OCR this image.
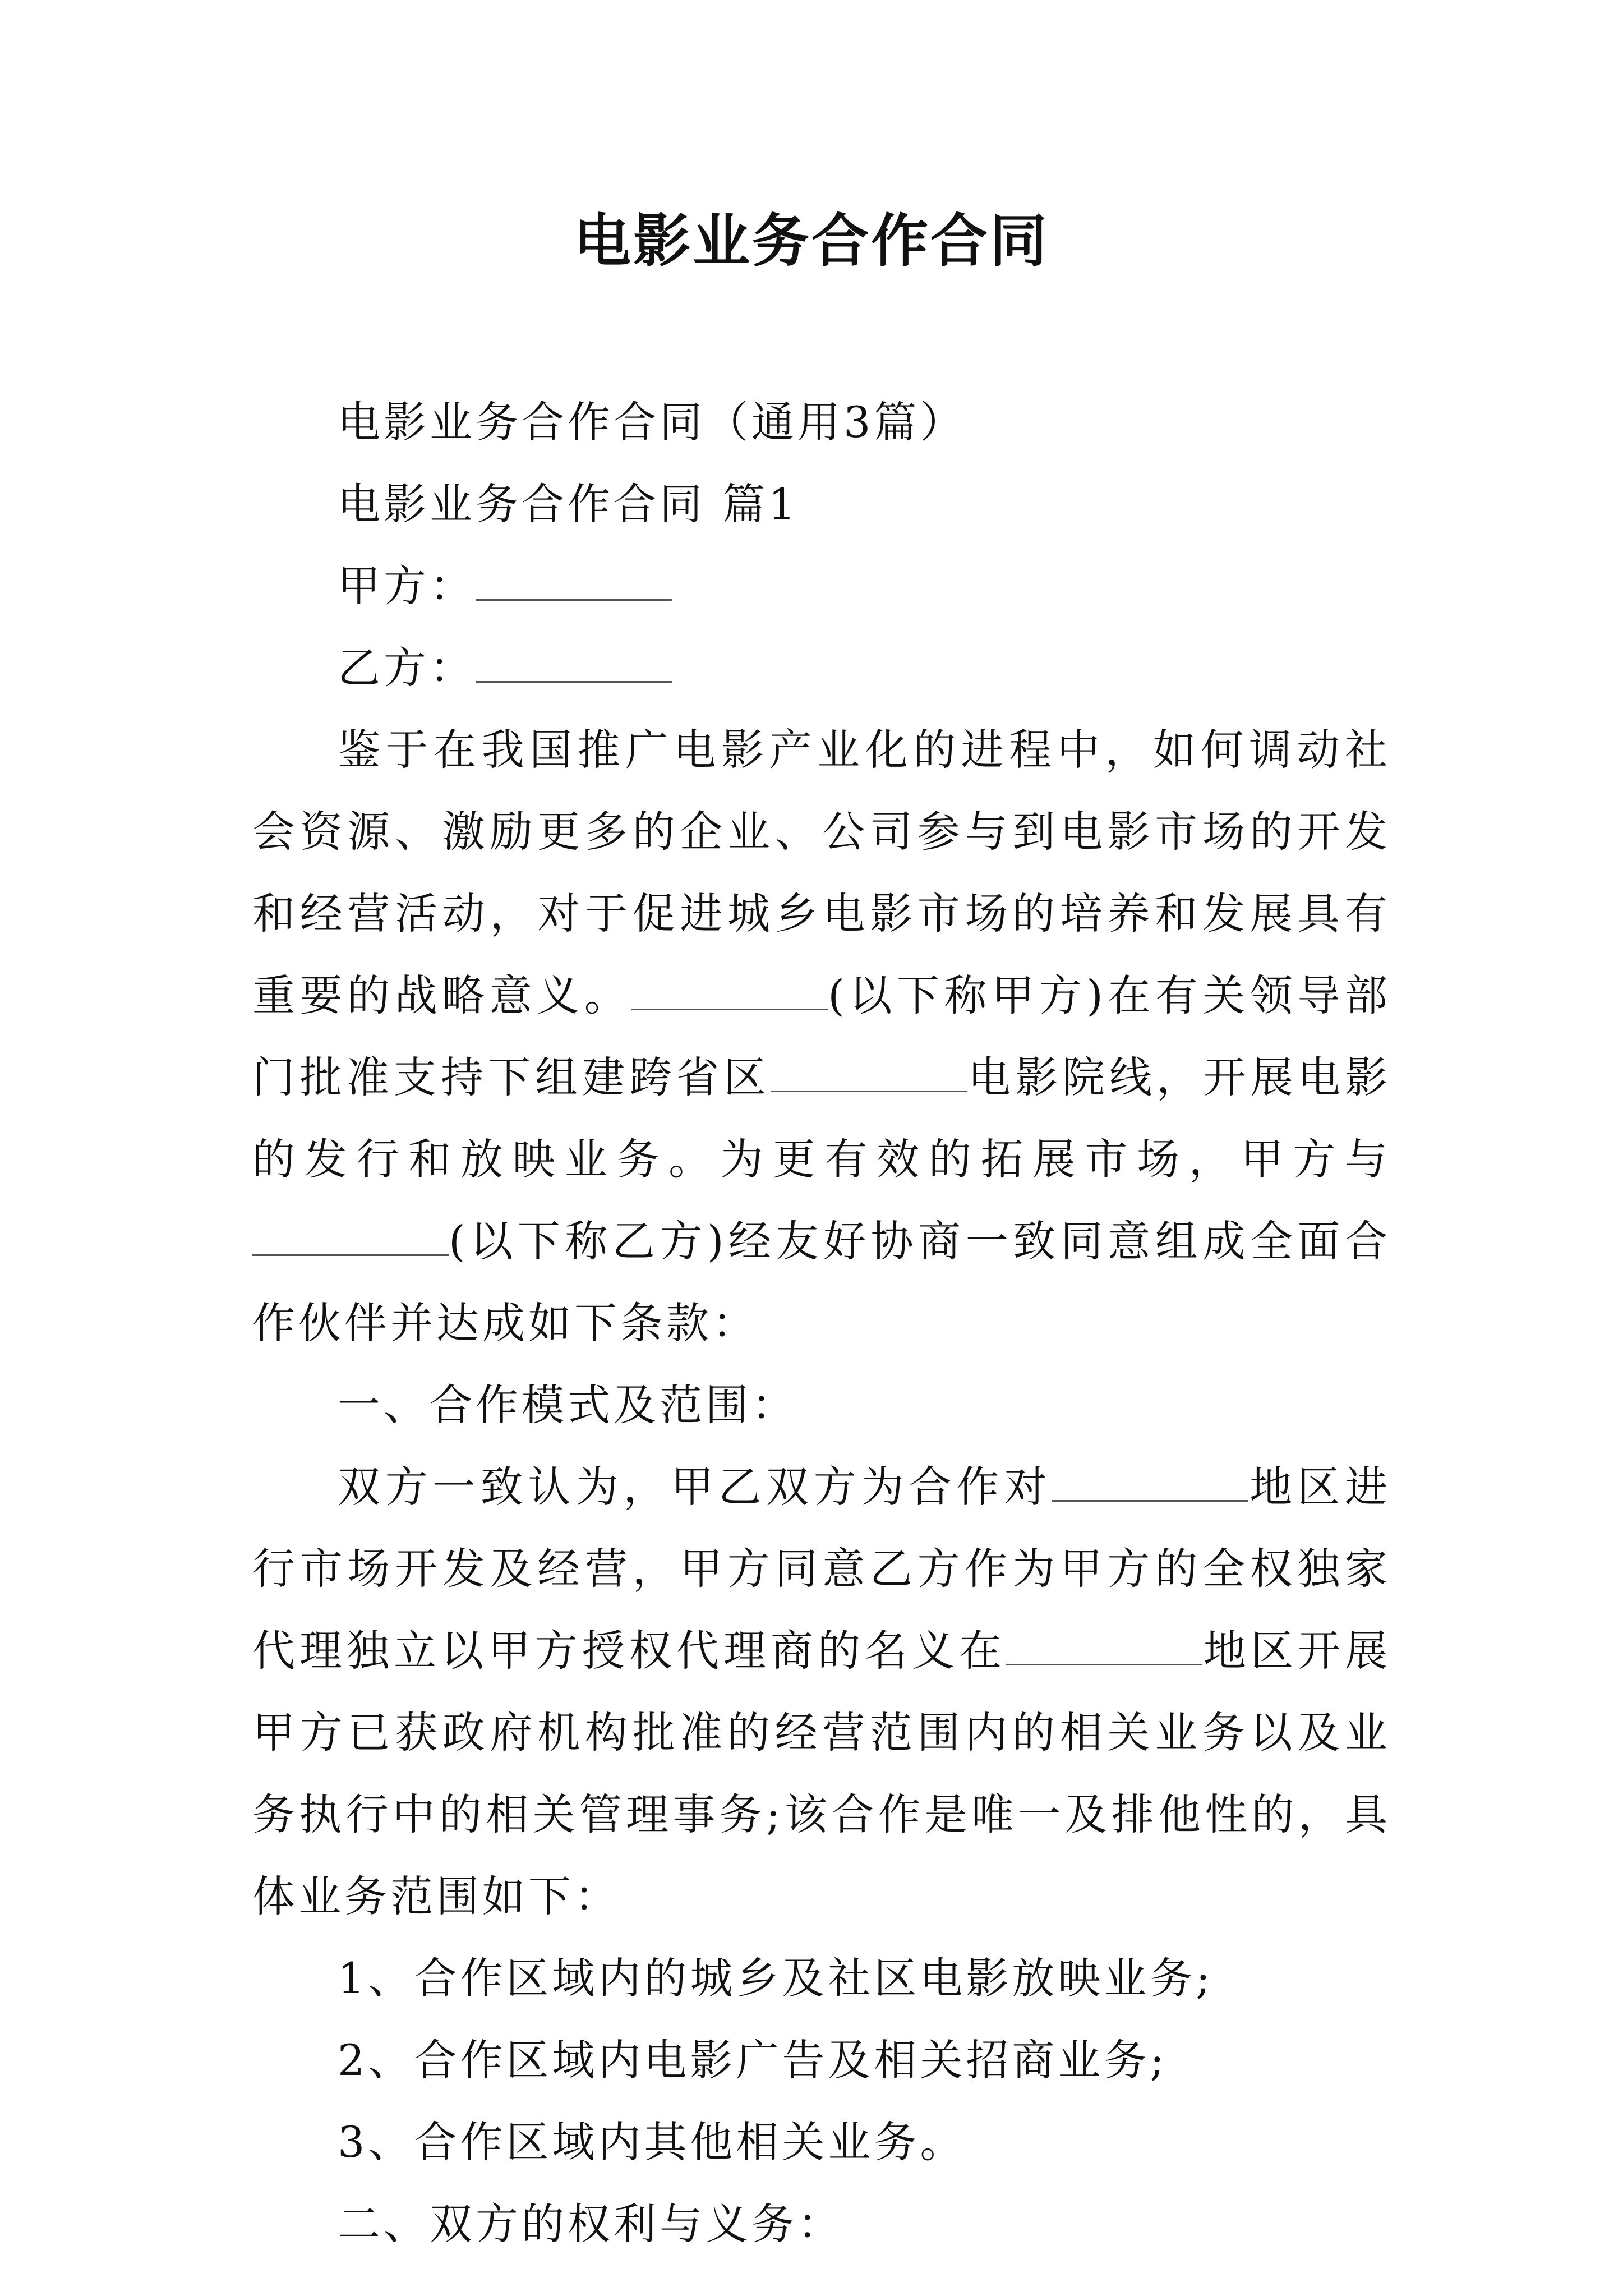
电影业务合作合同

电影业务合作合同（通用3篇）

电影业务合作合同 篇1

甲方：

乙方：

鉴于在我国推广电影产业化的进程中，如何调动社会资源、激励更多的企业、公司参与到电影市场的开发和经营活动，对于促进城乡电影市场的培养和发展具有重要的战略意义。	(以下称甲方)在有关领导部门批准支持下组建跨省区	电影院线，开展电影的发行和放映业务。为更有效的拓展市场，甲方与(以下称乙方)经友好协商一致同意组成全面合作伙伴并达成如下条款：

一、合作模式及范围：

双方一致认为，甲乙双方为合作对	地区进行市场开发及经营，甲方同意乙方作为甲方的全权独家代理独立以甲方授权代理商的名义在	地区开展甲方已获政府机构批准的经营范围内的相关业务以及业务执行中的相关管理事务;该合作是唯一及排他性的，具体业务范围如下：

1、合作区域内的城乡及社区电影放映业务;

2、合作区域内电影广告及相关招商业务;

3、合作区域内其他相关业务。

二、双方的权利与义务：
